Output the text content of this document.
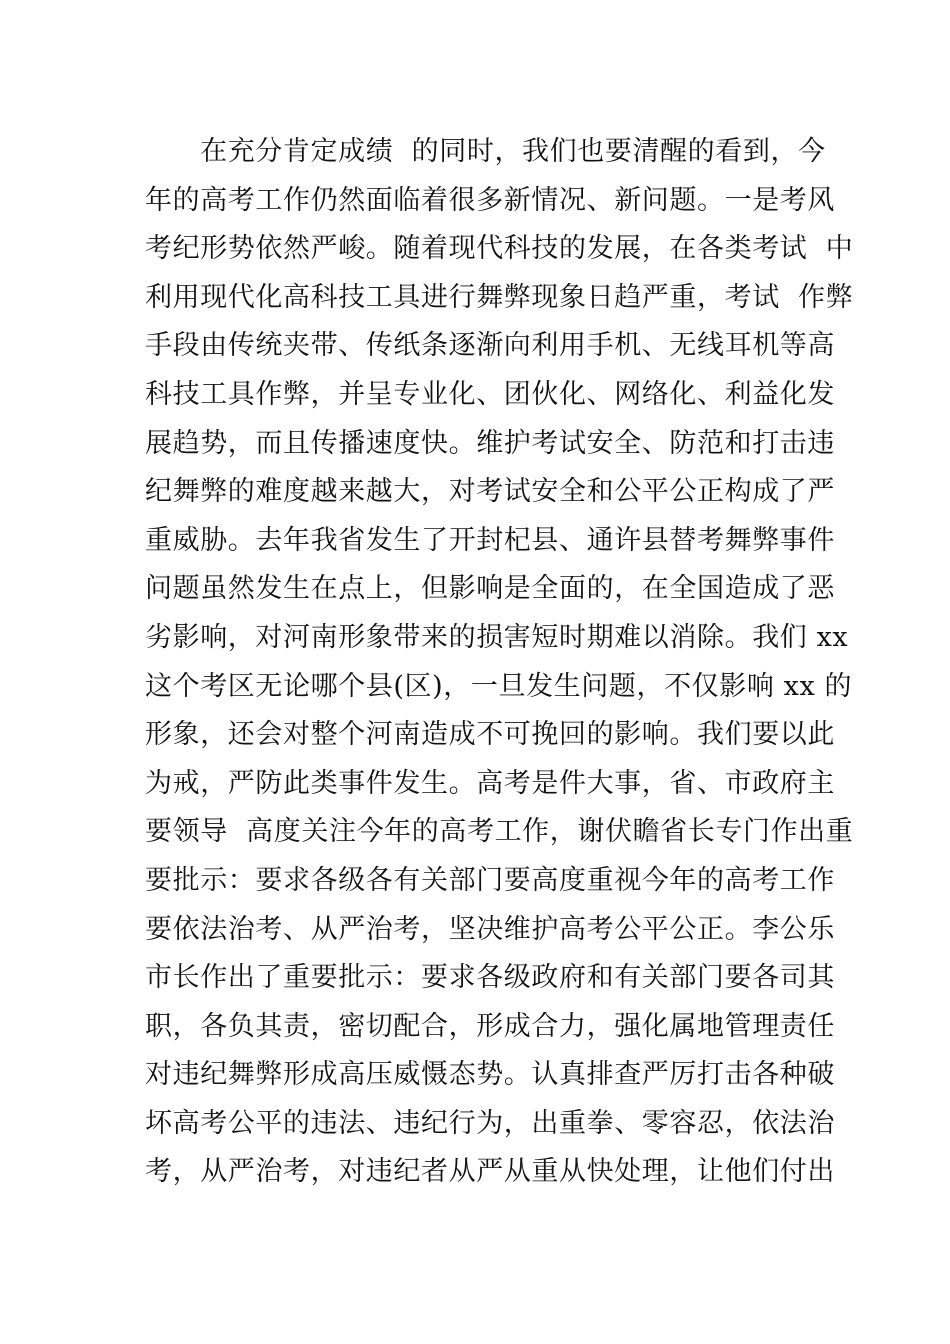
在充分肯定成绩  的同时，我们也要清醒的看到，今
年的高考工作仍然面临着很多新情况、新问题。一是考风
考纪形势依然严峻。随着现代科技的发展，在各类考试  中
利用现代化高科技工具进行舞弊现象日趋严重，考试  作弊
手段由传统夹带、传纸条逐渐向利用手机、无线耳机等高
科技工具作弊，并呈专业化、团伙化、网络化、利益化发
展趋势，而且传播速度快。维护考试安全、防范和打击违
纪舞弊的难度越来越大，对考试安全和公平公正构成了严
重威胁。去年我省发生了开封杞县、通许县替考舞弊事件
问题虽然发生在点上，但影响是全面的，在全国造成了恶
劣影响，对河南形象带来的损害短时期难以消除。我们 xx
这个考区无论哪个县(区)，一旦发生问题，不仅影响 xx 的
形象，还会对整个河南造成不可挽回的影响。我们要以此
为戒，严防此类事件发生。高考是件大事，省、市政府主
要领导  高度关注今年的高考工作，谢伏瞻省长专门作出重
要批示：要求各级各有关部门要高度重视今年的高考工作
要依法治考、从严治考，坚决维护高考公平公正。李公乐
市长作出了重要批示：要求各级政府和有关部门要各司其
职，各负其责，密切配合，形成合力，强化属地管理责任
对违纪舞弊形成高压威慑态势。认真排查严厉打击各种破
坏高考公平的违法、违纪行为，出重拳、零容忍，依法治
考，从严治考，对违纪者从严从重从快处理，让他们付出
